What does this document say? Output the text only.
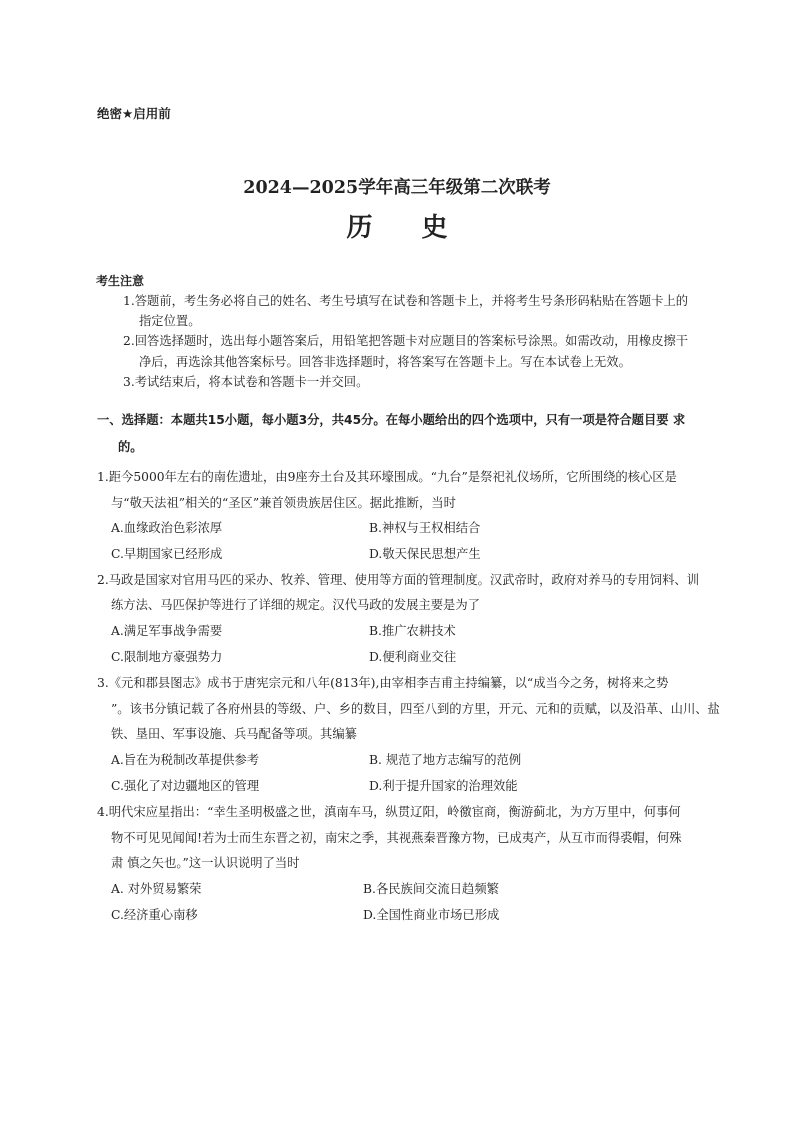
绝密★启用前
2024—2025学年高三年级第二次联考
历 史
考生注意
1.答题前，考生务必将自己的姓名、考生号填写在试卷和答题卡上，并将考生号条形码粘贴在答题卡上的
指定位置。
2.回答选择题时，选出每小题答案后，用铅笔把答题卡对应题目的答案标号涂黑。如需改动，用橡皮擦干
净后，再选涂其他答案标号。回答非选择题时，将答案写在答题卡上。写在本试卷上无效。
3.考试结束后，将本试卷和答题卡一并交回。
一、选择题：本题共15小题，每小题3分，共45分。在每小题给出的四个选项中，只有一项是符合题目要 求
的。
1.距今5000年左右的南佐遗址，由9座夯土台及其环壕围成。“九台”是祭祀礼仪场所，它所围绕的核心区是
与“敬天法祖”相关的“圣区”兼首领贵族居住区。据此推断，当时
A.血缘政治色彩浓厚	B.神权与王权相结合
C.早期国家已经形成	D.敬天保民思想产生
2.马政是国家对官用马匹的采办、牧养、管理、使用等方面的管理制度。汉武帝时，政府对养马的专用饲料、训
练方法、马匹保护等进行了详细的规定。汉代马政的发展主要是为了
A.满足军事战争需要	B.推广农耕技术
C.限制地方豪强势力	D.便利商业交往
3.《元和郡县图志》成书于唐宪宗元和八年(813年),由宰相李吉甫主持编纂，以“成当今之务，树将来之势
”。该书分镇记载了各府州县的等级、户、乡的数目，四至八到的方里，开元、元和的贡赋，以及沿革、山川、盐
铁、垦田、军事设施、兵马配备等项。其编纂
A.旨在为税制改革提供参考	B. 规范了地方志编写的范例
C.强化了对边疆地区的管理	D.利于提升国家的治理效能
4.明代宋应星指出：“幸生圣明极盛之世，滇南车马，纵贯辽阳，岭徼宦商，衡游蓟北，为方万里中，何事何
物不可见见闻闻!若为士而生东晋之初，南宋之季，其视燕秦晋豫方物，已成夷产，从互市而得裘帽，何殊
肃 慎之矢也。”这一认识说明了当时
A. 对外贸易繁荣	B.各民族间交流日趋频繁
C.经济重心南移	D.全国性商业市场已形成
